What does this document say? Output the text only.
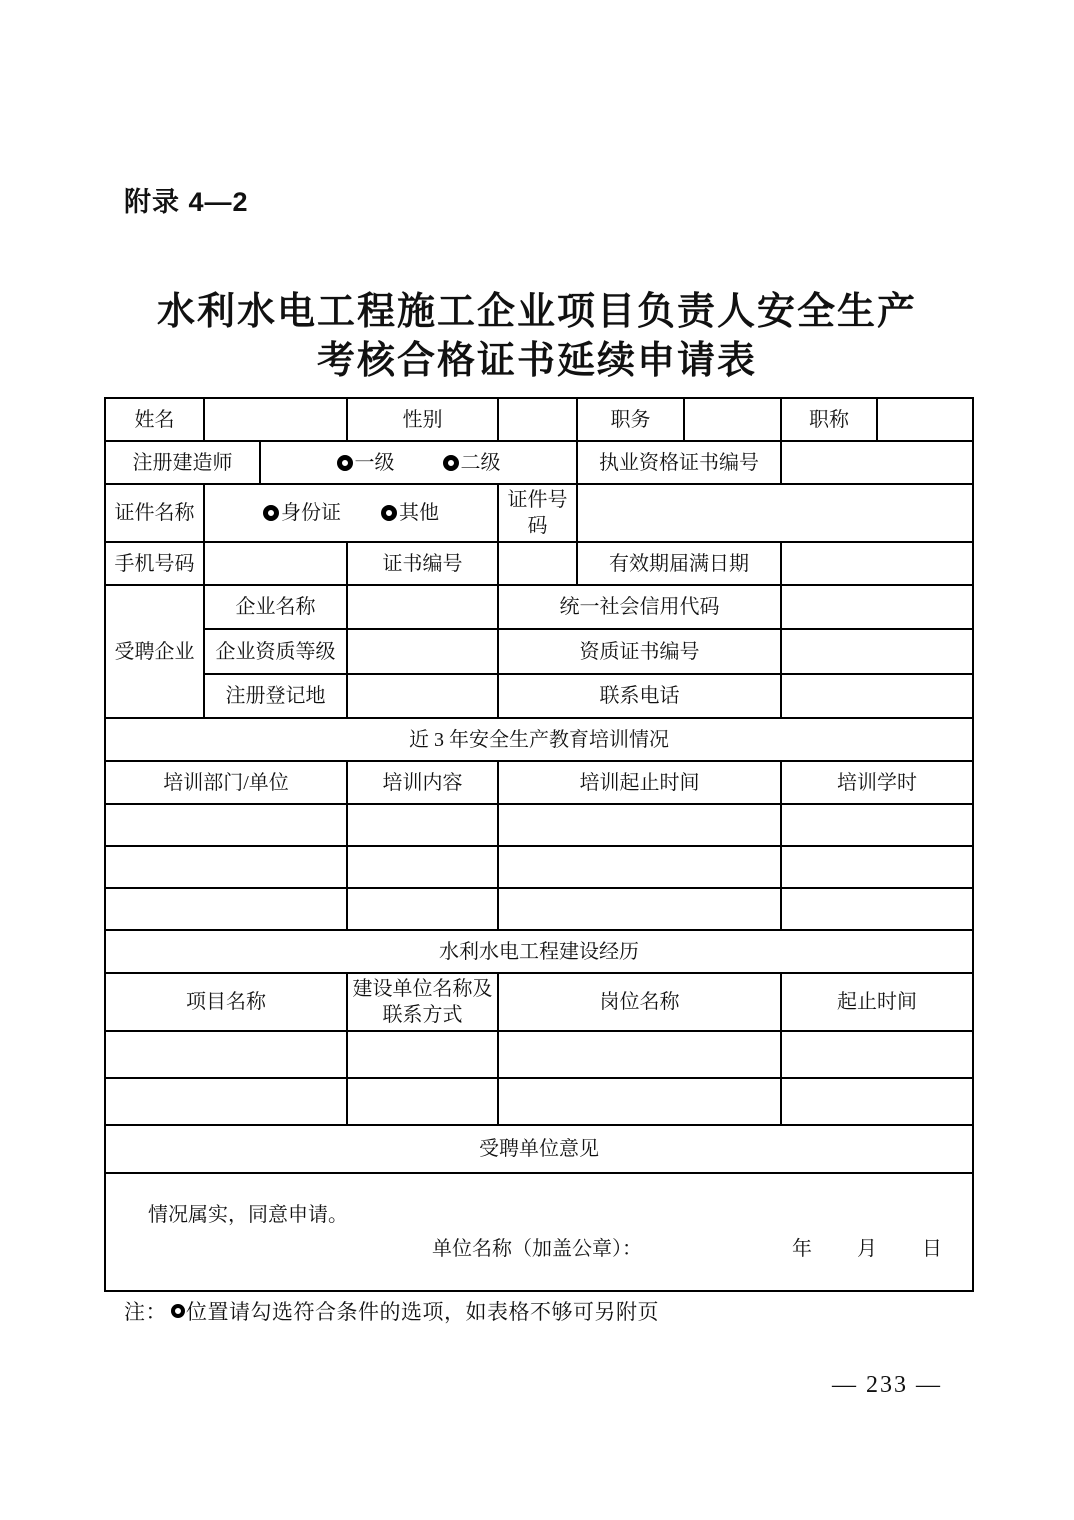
附录 4—2
水利水电工程施工企业项目负责人安全生产
考核合格证书延续申请表
姓名			性别		职务		职称	
注册建造师		一级 二级			执业资格证书编号			
证件名称	身份证 其他			证件号码				
手机号码			证书编号		有效期届满日期			
受聘企业	企业名称			统一社会信用代码				
	企业资质等级			资质证书编号				
	注册登记地			联系电话				
近 3 年安全生产教育培训情况								
培训部门/单位			培训内容	培训起止时间			培训学时	

水利水电工程建设经历								
项目名称			建设单位名称及联系方式	岗位名称			起止时间	

受聘单位意见								

情况属实，同意申请。
单位名称（加盖公章）： 年 月 日								
注： 位置请勾选符合条件的选项，如表格不够可另附页
— 233 —
